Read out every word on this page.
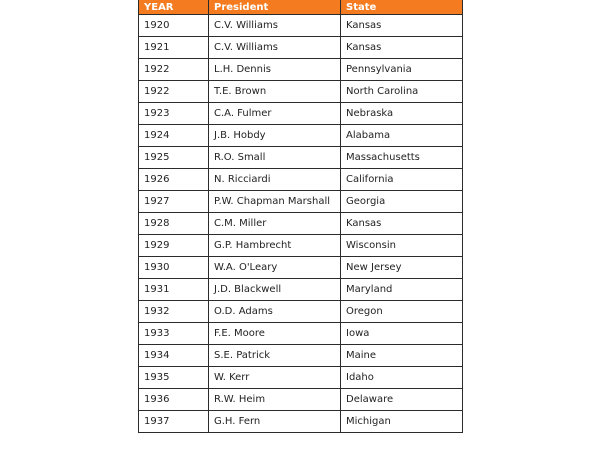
YEAR	President	State
1920	C.V. Williams	Kansas
1921	C.V. Williams	Kansas
1922	L.H. Dennis	Pennsylvania
1922	T.E. Brown	North Carolina
1923	C.A. Fulmer	Nebraska
1924	J.B. Hobdy	Alabama
1925	R.O. Small	Massachusetts
1926	N. Ricciardi	California
1927	P.W. Chapman Marshall	Georgia
1928	C.M. Miller	Kansas
1929	G.P. Hambrecht	Wisconsin
1930	W.A. O'Leary	New Jersey
1931	J.D. Blackwell	Maryland
1932	O.D. Adams	Oregon
1933	F.E. Moore	Iowa
1934	S.E. Patrick	Maine
1935	W. Kerr	Idaho
1936	R.W. Heim	Delaware
1937	G.H. Fern	Michigan
